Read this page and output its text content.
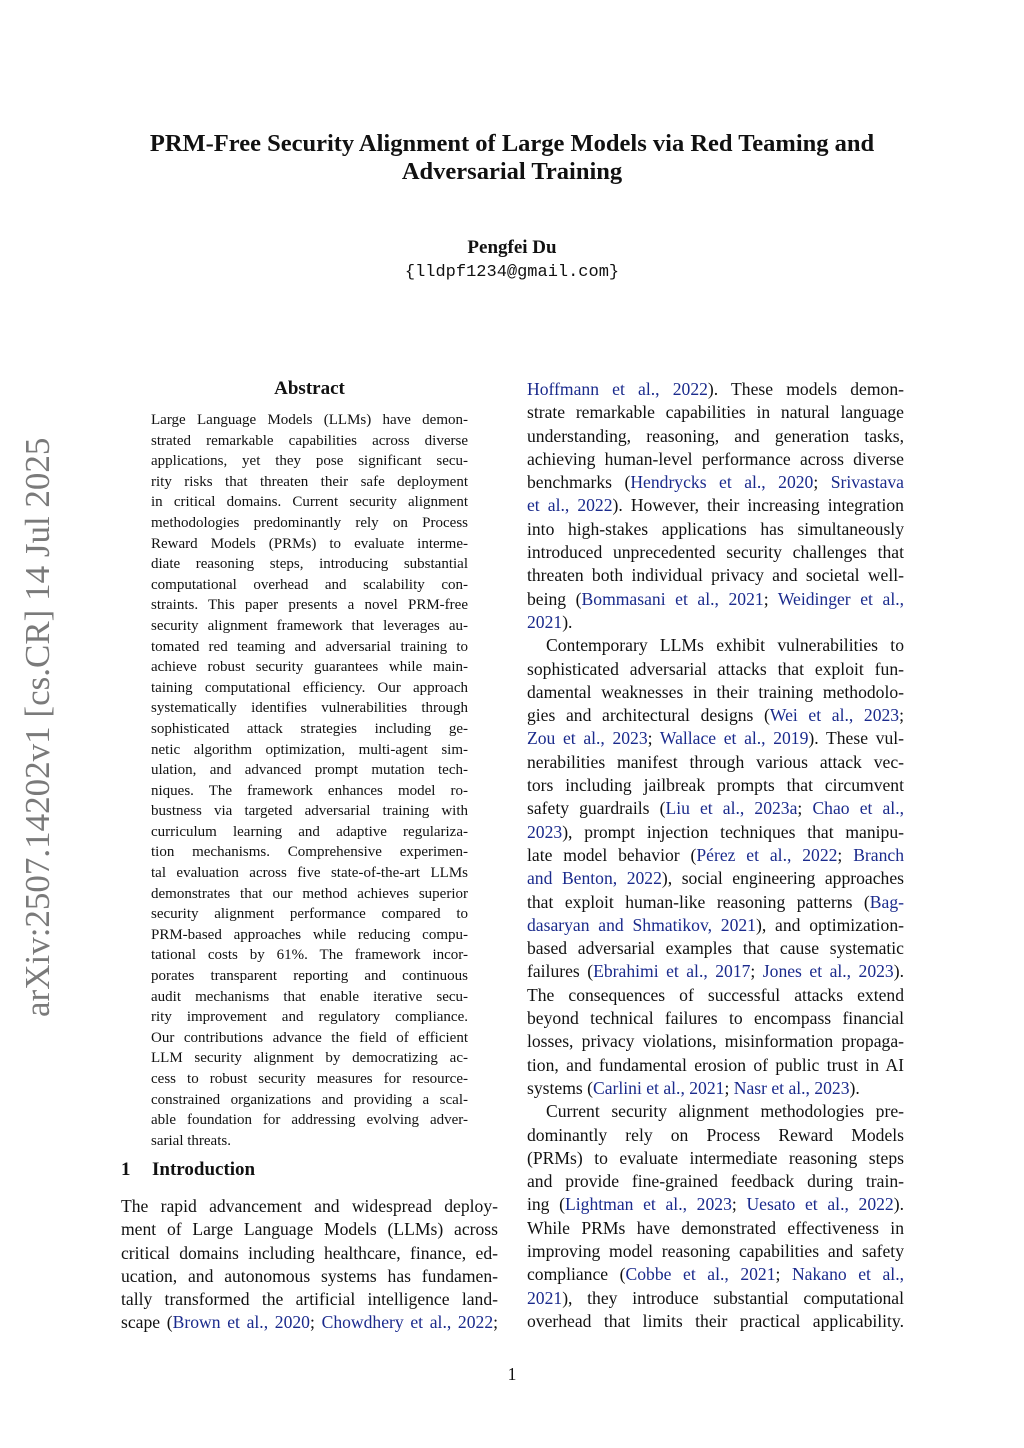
PRM-Free Security Alignment of Large Models via Red Teaming and
Adversarial Training
Pengfei Du
{lldpf1234@gmail.com}
arXiv:2507.14202v1 [cs.CR] 14 Jul 2025
Abstract
Large Language Models (LLMs) have demon-
strated remarkable capabilities across diverse
applications, yet they pose significant secu-
rity risks that threaten their safe deployment
in critical domains. Current security alignment
methodologies predominantly rely on Process
Reward Models (PRMs) to evaluate interme-
diate reasoning steps, introducing substantial
computational overhead and scalability con-
straints. This paper presents a novel PRM-free
security alignment framework that leverages au-
tomated red teaming and adversarial training to
achieve robust security guarantees while main-
taining computational efficiency. Our approach
systematically identifies vulnerabilities through
sophisticated attack strategies including ge-
netic algorithm optimization, multi-agent sim-
ulation, and advanced prompt mutation tech-
niques. The framework enhances model ro-
bustness via targeted adversarial training with
curriculum learning and adaptive regulariza-
tion mechanisms. Comprehensive experimen-
tal evaluation across five state-of-the-art LLMs
demonstrates that our method achieves superior
security alignment performance compared to
PRM-based approaches while reducing compu-
tational costs by 61%. The framework incor-
porates transparent reporting and continuous
audit mechanisms that enable iterative secu-
rity improvement and regulatory compliance.
Our contributions advance the field of efficient
LLM security alignment by democratizing ac-
cess to robust security measures for resource-
constrained organizations and providing a scal-
able foundation for addressing evolving adver-
sarial threats.
1 Introduction
The rapid advancement and widespread deploy-
ment of Large Language Models (LLMs) across
critical domains including healthcare, finance, ed-
ucation, and autonomous systems has fundamen-
tally transformed the artificial intelligence land-
scape (Brown et al., 2020; Chowdhery et al., 2022;
Hoffmann et al., 2022). These models demon-
strate remarkable capabilities in natural language
understanding, reasoning, and generation tasks,
achieving human-level performance across diverse
benchmarks (Hendrycks et al., 2020; Srivastava
et al., 2022). However, their increasing integration
into high-stakes applications has simultaneously
introduced unprecedented security challenges that
threaten both individual privacy and societal well-
being (Bommasani et al., 2021; Weidinger et al.,
2021).
Contemporary LLMs exhibit vulnerabilities to
sophisticated adversarial attacks that exploit fun-
damental weaknesses in their training methodolo-
gies and architectural designs (Wei et al., 2023;
Zou et al., 2023; Wallace et al., 2019). These vul-
nerabilities manifest through various attack vec-
tors including jailbreak prompts that circumvent
safety guardrails (Liu et al., 2023a; Chao et al.,
2023), prompt injection techniques that manipu-
late model behavior (Pérez et al., 2022; Branch
and Benton, 2022), social engineering approaches
that exploit human-like reasoning patterns (Bag-
dasaryan and Shmatikov, 2021), and optimization-
based adversarial examples that cause systematic
failures (Ebrahimi et al., 2017; Jones et al., 2023).
The consequences of successful attacks extend
beyond technical failures to encompass financial
losses, privacy violations, misinformation propaga-
tion, and fundamental erosion of public trust in AI
systems (Carlini et al., 2021; Nasr et al., 2023).
Current security alignment methodologies pre-
dominantly rely on Process Reward Models
(PRMs) to evaluate intermediate reasoning steps
and provide fine-grained feedback during train-
ing (Lightman et al., 2023; Uesato et al., 2022).
While PRMs have demonstrated effectiveness in
improving model reasoning capabilities and safety
compliance (Cobbe et al., 2021; Nakano et al.,
2021), they introduce substantial computational
overhead that limits their practical applicability.
1
